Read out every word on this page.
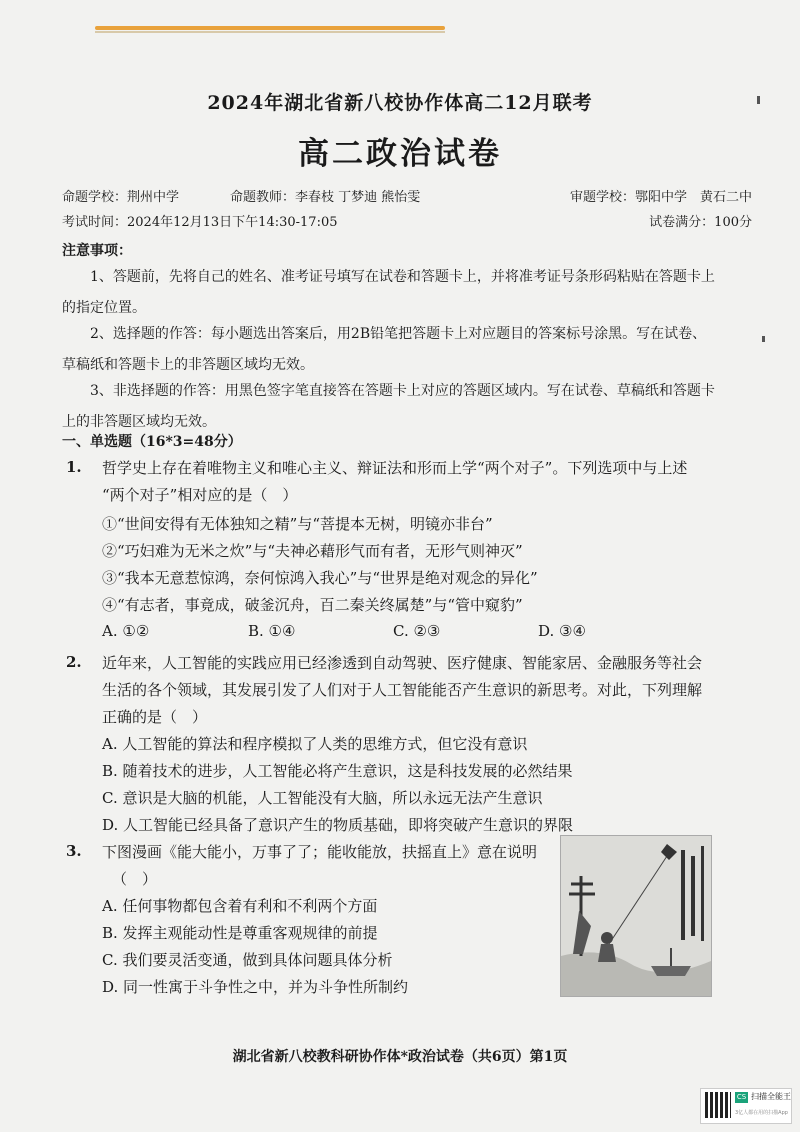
2024年湖北省新八校协作体高二12月联考
高二政治试卷
命题学校：荆州中学	命题教师：李春枝 丁梦迪 熊怡雯	审题学校：鄂阳中学　黄石二中
考试时间：2024年12月13日下午14:30-17:05	试卷满分：100分
注意事项：
1、答题前，先将自己的姓名、准考证号填写在试卷和答题卡上，并将准考证号条形码粘贴在答题卡上的指定位置。
2、选择题的作答：每小题选出答案后，用2B铅笔把答题卡上对应题目的答案标号涂黑。写在试卷、草稿纸和答题卡上的非答题区域均无效。
3、非选择题的作答：用黑色签字笔直接答在答题卡上对应的答题区域内。写在试卷、草稿纸和答题卡上的非答题区域均无效。
一、单选题（16*3=48分）
1. 哲学史上存在着唯物主义和唯心主义、辩证法和形而上学“两个对子”。下列选项中与上述
“两个对子”相对应的是（　）
①“世间安得有无体独知之精”与“菩提本无树，明镜亦非台”
②“巧妇难为无米之炊”与“夫神必藉形气而有者，无形气则神灭”
③“我本无意惹惊鸿，奈何惊鸿入我心”与“世界是绝对观念的异化”
④“有志者，事竟成，破釜沉舟，百二秦关终属楚”与“管中窥豹”
A. ①②	B. ①④	C. ②③	D. ③④
2. 近年来，人工智能的实践应用已经渗透到自动驾驶、医疗健康、智能家居、金融服务等社会
生活的各个领域，其发展引发了人们对于人工智能能否产生意识的新思考。对此，下列理解
正确的是（　）
A. 人工智能的算法和程序模拟了人类的思维方式，但它没有意识
B. 随着技术的进步，人工智能必将产生意识，这是科技发展的必然结果
C. 意识是大脑的机能，人工智能没有大脑，所以永远无法产生意识
D. 人工智能已经具备了意识产生的物质基础，即将突破产生意识的界限
3. 下图漫画《能大能小，万事了了；能收能放，扶摇直上》意在说明
（　）
A. 任何事物都包含着有利和不利两个方面
B. 发挥主观能动性是尊重客观规律的前提
C. 我们要灵活变通，做到具体问题具体分析
D. 同一性寓于斗争性之中，并为斗争性所制约
湖北省新八校教科研协作体*政治试卷（共6页）第1页
CS 扫描全能王
3亿人都在用的扫描App
